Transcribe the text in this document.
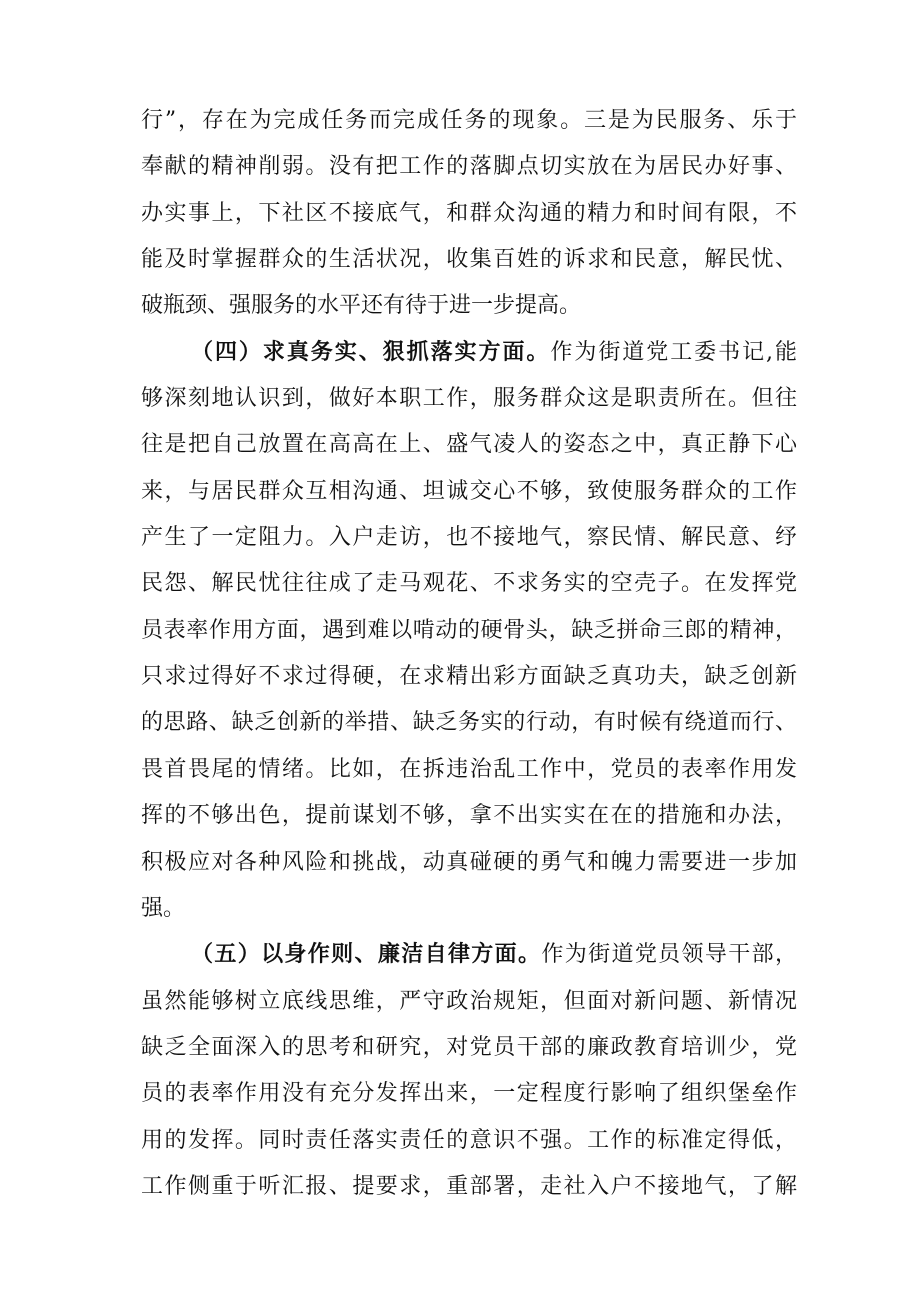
行”，存在为完成任务而完成任务的现象。三是为民服务、乐于
奉献的精神削弱。没有把工作的落脚点切实放在为居民办好事、
办实事上，下社区不接底气，和群众沟通的精力和时间有限，不
能及时掌握群众的生活状况，收集百姓的诉求和民意，解民忧、
破瓶颈、强服务的水平还有待于进一步提高。
（四）求真务实、狠抓落实方面。作为街道党工委书记,能
够深刻地认识到，做好本职工作，服务群众这是职责所在。但往
往是把自己放置在高高在上、盛气凌人的姿态之中，真正静下心
来，与居民群众互相沟通、坦诚交心不够，致使服务群众的工作
产生了一定阻力。入户走访，也不接地气，察民情、解民意、纾
民怨、解民忧往往成了走马观花、不求务实的空壳子。在发挥党
员表率作用方面，遇到难以啃动的硬骨头，缺乏拼命三郎的精神，
只求过得好不求过得硬，在求精出彩方面缺乏真功夫，缺乏创新
的思路、缺乏创新的举措、缺乏务实的行动，有时候有绕道而行、
畏首畏尾的情绪。比如，在拆违治乱工作中，党员的表率作用发
挥的不够出色，提前谋划不够，拿不出实实在在的措施和办法，
积极应对各种风险和挑战，动真碰硬的勇气和魄力需要进一步加
强。
（五）以身作则、廉洁自律方面。作为街道党员领导干部，
虽然能够树立底线思维，严守政治规矩，但面对新问题、新情况
缺乏全面深入的思考和研究，对党员干部的廉政教育培训少，党
员的表率作用没有充分发挥出来，一定程度行影响了组织堡垒作
用的发挥。同时责任落实责任的意识不强。工作的标准定得低，
工作侧重于听汇报、提要求，重部署，走社入户不接地气，了解
